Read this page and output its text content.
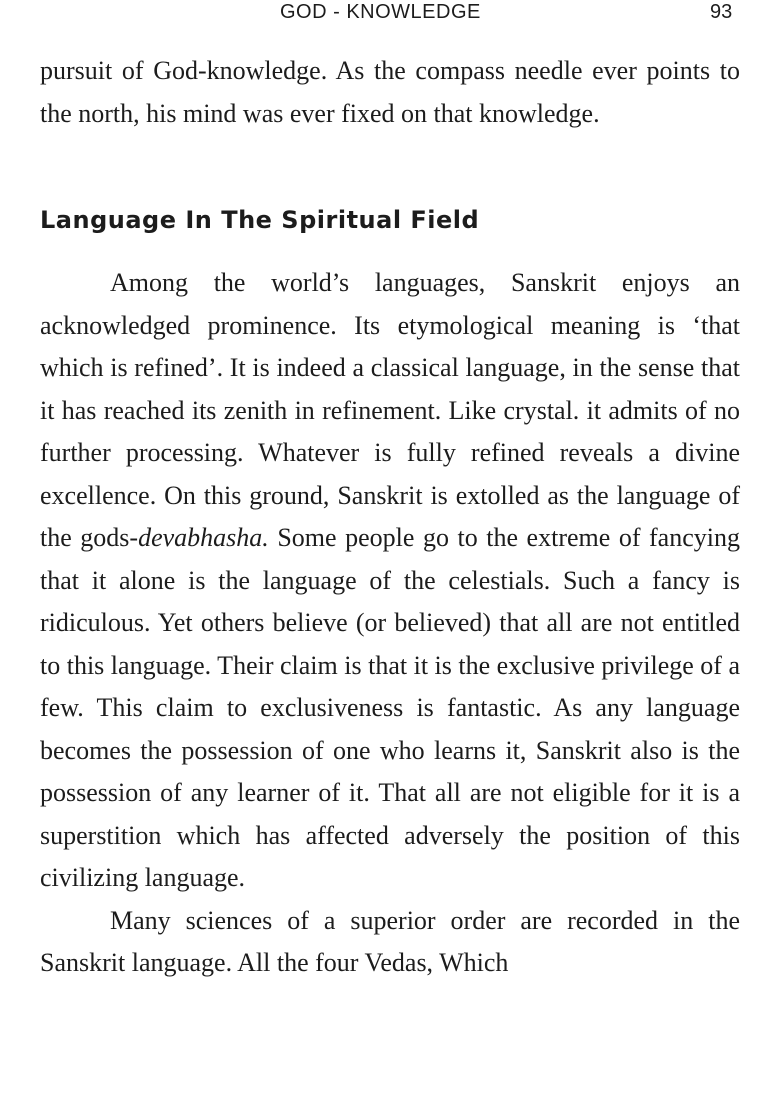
GOD - KNOWLEDGE	93

pursuit of God-knowledge. As the compass needle ever points to the north, his mind was ever fixed on that knowledge.

Language In The Spiritual Field

Among the world’s languages, Sanskrit enjoys an acknowledged prominence. Its etymological meaning is ‘that which is refined’. It is indeed a classical language, in the sense that it has reached its zenith in refinement. Like crystal. it admits of no further processing. Whatever is fully refined reveals a divine excellence. On this ground, Sanskrit is extolled as the language of the gods-devabhasha. Some people go to the extreme of fancying that it alone is the language of the celestials. Such a fancy is ridiculous. Yet others believe (or believed) that all are not entitled to this language. Their claim is that it is the exclusive privilege of a few. This claim to exclusiveness is fantastic. As any language becomes the possession of one who learns it, Sanskrit also is the possession of any learner of it. That all are not eligible for it is a superstition which has affected adversely the position of this civilizing language.

Many sciences of a superior order are recorded in the Sanskrit language. All the four Vedas, Which
